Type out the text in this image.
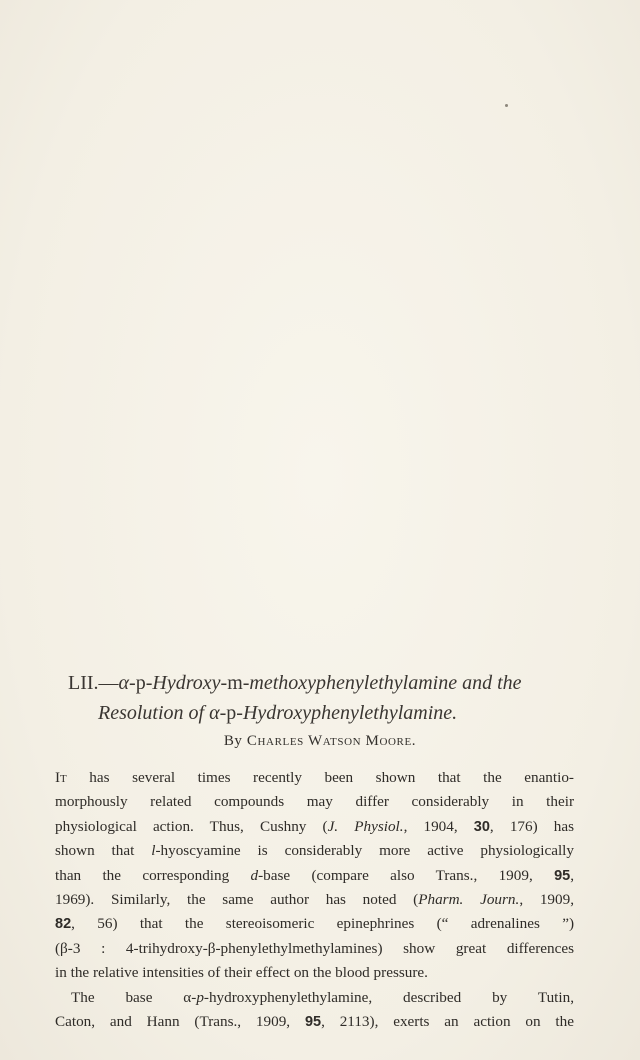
LII.—α-p-Hydroxy-m-methoxyphenylethylamine and the
Resolution of α-p-Hydroxyphenylethylamine.
By Charles Watson Moore.
It has several times recently been shown that the enantio-
morphously related compounds may differ considerably in their
physiological action. Thus, Cushny (J. Physiol., 1904, 30, 176) has
shown that l-hyoscyamine is considerably more active physiologically
than the corresponding d-base (compare also Trans., 1909, 95,
1969). Similarly, the same author has noted (Pharm. Journ., 1909,
82, 56) that the stereoisomeric epinephrines (“ adrenalines ”)
(β-3 : 4-trihydroxy-β-phenylethylmethylamines) show great differences
in the relative intensities of their effect on the blood pressure.
The base α-p-hydroxyphenylethylamine, described by Tutin,
Caton, and Hann (Trans., 1909, 95, 2113), exerts an action on the
